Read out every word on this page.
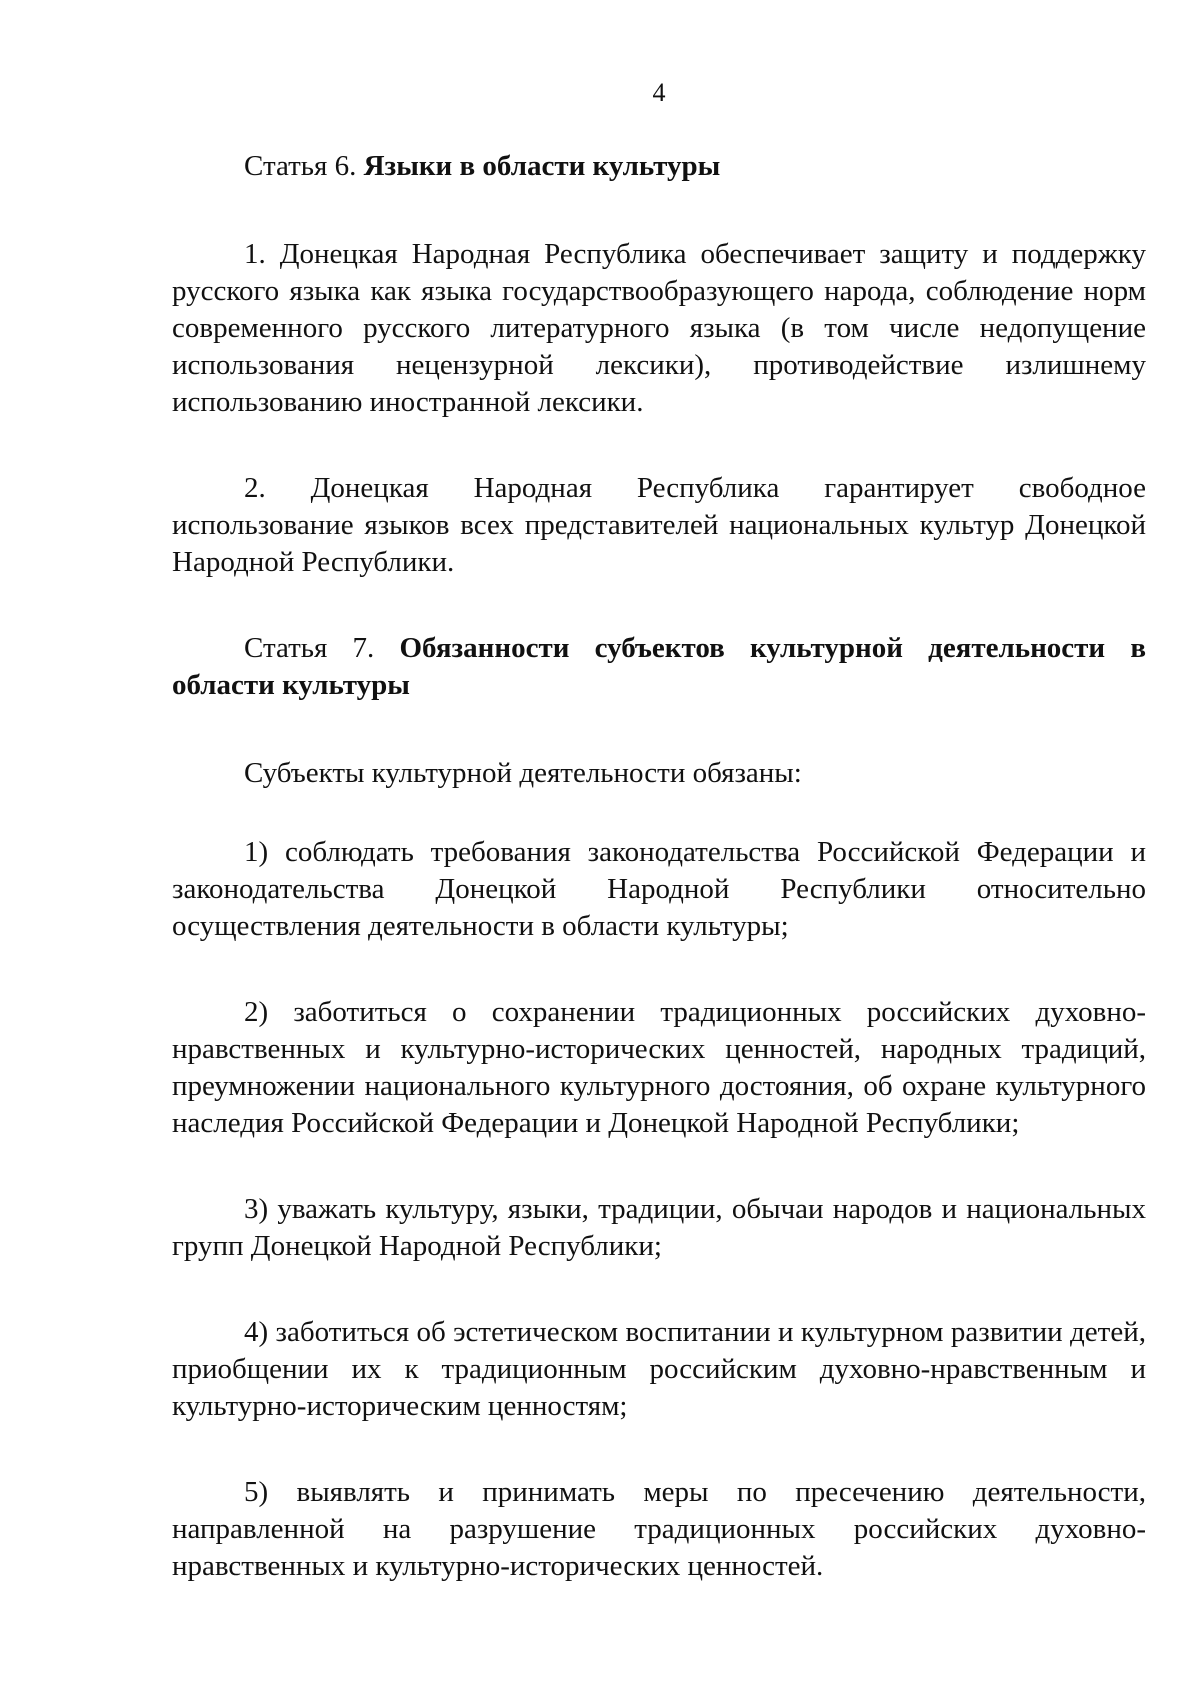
4

Статья 6. Языки в области культуры

1. Донецкая Народная Республика обеспечивает защиту и поддержку русского языка как языка государствообразующего народа, соблюдение норм современного русского литературного языка (в том числе недопущение использования нецензурной лексики), противодействие излишнему использованию иностранной лексики.

2. Донецкая Народная Республика гарантирует свободное использование языков всех представителей национальных культур Донецкой Народной Республики.

Статья 7. Обязанности субъектов культурной деятельности в области культуры

Субъекты культурной деятельности обязаны:

1) соблюдать требования законодательства Российской Федерации и законодательства Донецкой Народной Республики относительно осуществления деятельности в области культуры;

2) заботиться о сохранении традиционных российских духовно-нравственных и культурно-исторических ценностей, народных традиций, преумножении национального культурного достояния, об охране культурного наследия Российской Федерации и Донецкой Народной Республики;

3) уважать культуру, языки, традиции, обычаи народов и национальных групп Донецкой Народной Республики;

4) заботиться об эстетическом воспитании и культурном развитии детей, приобщении их к традиционным российским духовно-нравственным и культурно-историческим ценностям;

5) выявлять и принимать меры по пресечению деятельности, направленной на разрушение традиционных российских духовно-нравственных и культурно-исторических ценностей.
